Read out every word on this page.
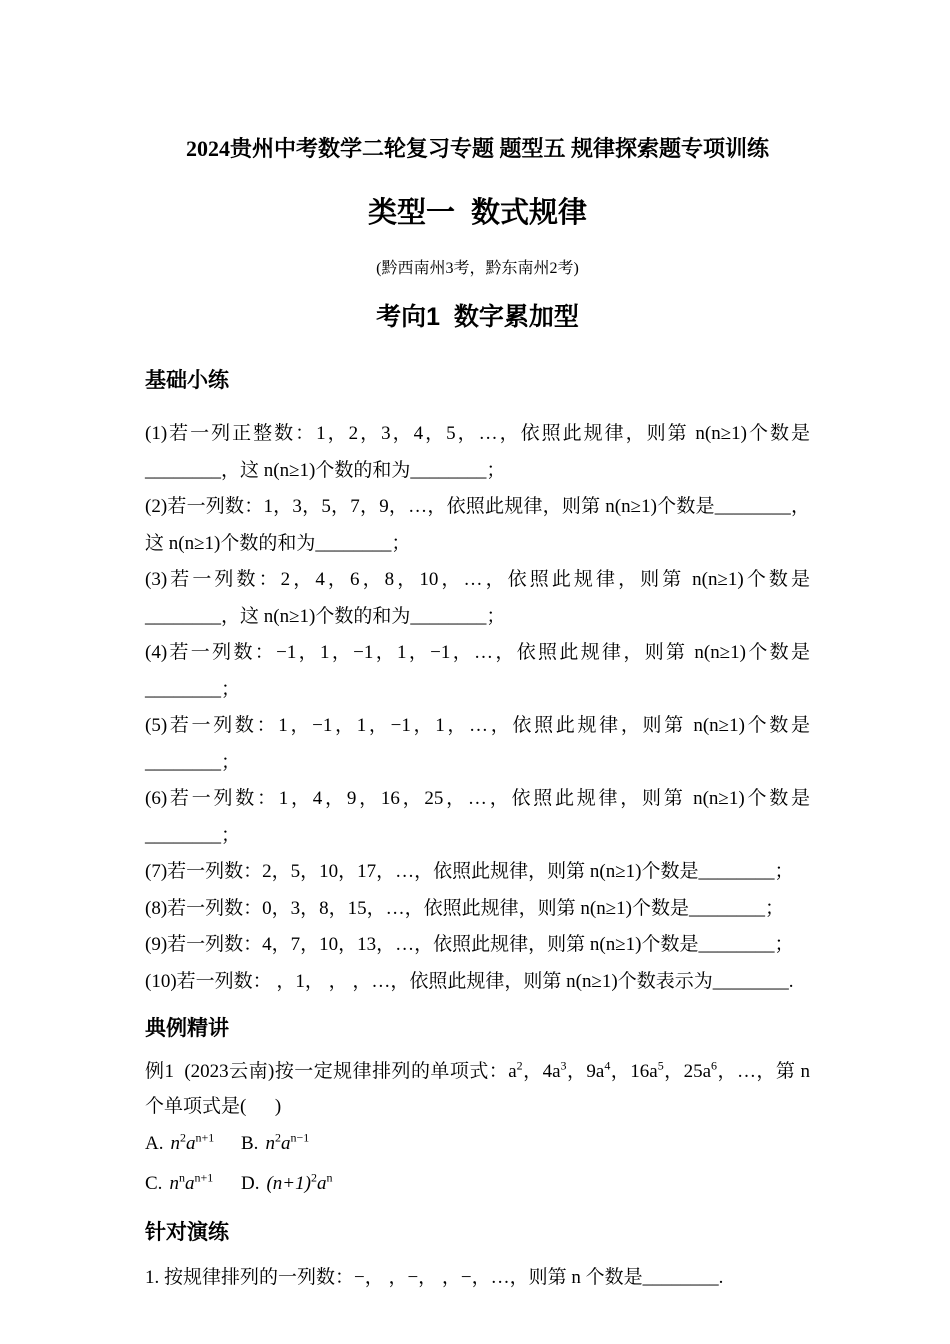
2024贵州中考数学二轮复习专题 题型五 规律探索题专项训练
类型一  数式规律

(黔西南州3考，黔东南州2考)

考向1  数字累加型
基础小练

(1)若一列正整数：1，2，3，4，5，…，依照此规律，则第 n(n≥1)个数是________，这 n(n≥1)个数的和为________；

(2)若一列数：1，3，5，7，9，…，依照此规律，则第 n(n≥1)个数是________，这 n(n≥1)个数的和为________；

(3)若一列数：2，4，6，8，10，…，依照此规律，则第 n(n≥1)个数是________，这 n(n≥1)个数的和为________；

(4)若一列数：−1，1，−1，1，−1，…，依照此规律，则第 n(n≥1)个数是________；

(5)若一列数：1，−1，1，−1，1，…，依照此规律，则第 n(n≥1)个数是________；

(6)若一列数：1，4，9，16，25，…，依照此规律，则第 n(n≥1)个数是________；

(7)若一列数：2，5，10，17，…，依照此规律，则第 n(n≥1)个数是________；

(8)若一列数：0，3，8，15，…，依照此规律，则第 n(n≥1)个数是________；

(9)若一列数：4，7，10，13，…，依照此规律，则第 n(n≥1)个数是________；

(10)若一列数： ，1， ， ，…，依照此规律，则第 n(n≥1)个数表示为________.

典例精讲

例1  (2023云南)按一定规律排列的单项式：$a^2$，$4a^3$，$9a^4$，$16a^5$，$25a^6$，…，第 n 个单项式是(      )

A. $n^2a^{n+1}$	B. $n^2a^{n-1}$
C. $n^na^{n+1}$	D. $(n+1)^2a^n$
针对演练

1. 按规律排列的一列数：−， ，−， ，−，…，则第 n 个数是________.
